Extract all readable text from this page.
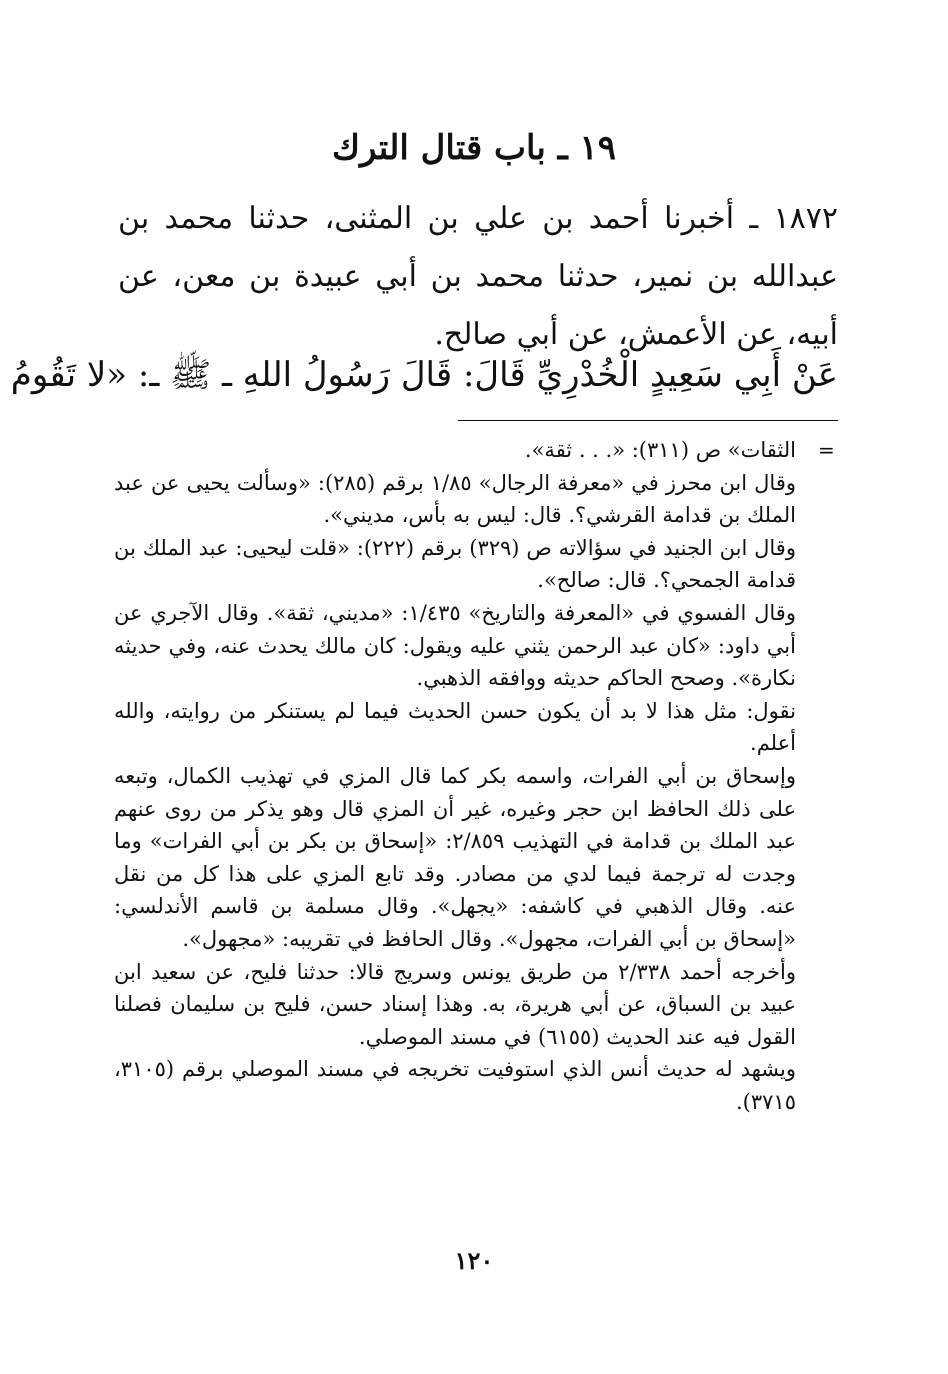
١٩ ـ باب قتال الترك

١٨٧٢ ـ أخبرنا أحمد بن علي بن المثنى، حدثنا محمد بن عبدالله بن نمير، حدثنا محمد بن أبي عبيدة بن معن، عن أبيه، عن الأعمش، عن أبي صالح.

عَنْ أَبِي سَعِيدٍ الْخُدْرِيِّ قَالَ: قَالَ رَسُولُ اللهِ ـ ﷺ ـ: «لا تَقُومُ
=

الثقات» ص (٣١١): «. . . ثقة».

وقال ابن محرز في «معرفة الرجال» ١/٨٥ برقم (٢٨٥): «وسألت يحيى عن عبد الملك بن قدامة القرشي؟. قال: ليس به بأس، مديني».

وقال ابن الجنيد في سؤالاته ص (٣٢٩) برقم (٢٢٢): «قلت ليحيى: عبد الملك بن قدامة الجمحي؟. قال: صالح».

وقال الفسوي في «المعرفة والتاريخ» ١/٤٣٥: «مديني، ثقة». وقال الآجري عن أبي داود: «كان عبد الرحمن يثني عليه ويقول: كان مالك يحدث عنه، وفي حديثه نكارة». وصحح الحاكم حديثه ووافقه الذهبي.

نقول: مثل هذا لا بد أن يكون حسن الحديث فيما لم يستنكر من روايته، والله أعلم.

وإسحاق بن أبي الفرات، واسمه بكر كما قال المزي في تهذيب الكمال، وتبعه على ذلك الحافظ ابن حجر وغيره، غير أن المزي قال وهو يذكر من روى عنهم عبد الملك بن قدامة في التهذيب ٢/٨٥٩: «إسحاق بن بكر بن أبي الفرات» وما وجدت له ترجمة فيما لدي من مصادر. وقد تابع المزي على هذا كل من نقل عنه. وقال الذهبي في كاشفه: «يجهل». وقال مسلمة بن قاسم الأندلسي: «إسحاق بن أبي الفرات، مجهول». وقال الحافظ في تقريبه: «مجهول».

وأخرجه أحمد ٢/٣٣٨ من طريق يونس وسريج قالا: حدثنا فليح، عن سعيد ابن عبيد بن السباق، عن أبي هريرة، به. وهذا إسناد حسن، فليح بن سليمان فصلنا القول فيه عند الحديث (٦١٥٥) في مسند الموصلي.

ويشهد له حديث أنس الذي استوفيت تخريجه في مسند الموصلي برقم (٣١٠٥، ٣٧١٥).

١٢٠
